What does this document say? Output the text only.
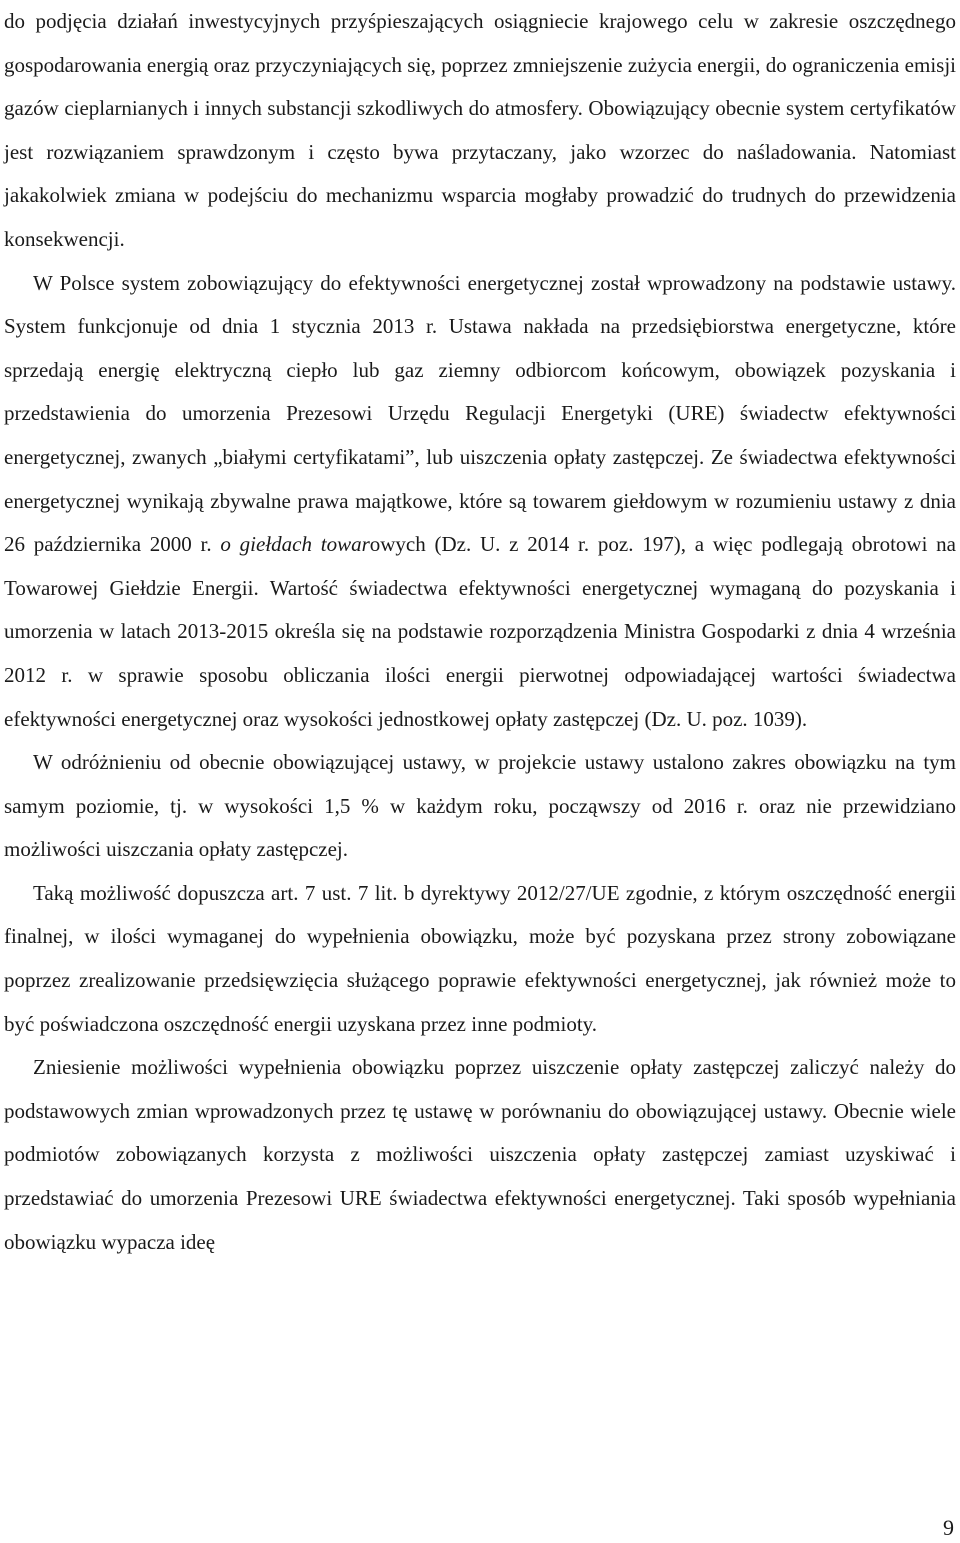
do podjęcia działań inwestycyjnych przyśpieszających osiągniecie krajowego celu w zakresie oszczędnego gospodarowania energią oraz przyczyniających się, poprzez zmniejszenie zużycia energii, do ograniczenia emisji gazów cieplarnianych i innych substancji szkodliwych do atmosfery. Obowiązujący obecnie system certyfikatów jest rozwiązaniem sprawdzonym i często bywa przytaczany, jako wzorzec do naśladowania. Natomiast jakakolwiek zmiana w podejściu do mechanizmu wsparcia mogłaby prowadzić do trudnych do przewidzenia konsekwencji.

W Polsce system zobowiązujący do efektywności energetycznej został wprowadzony na podstawie ustawy. System funkcjonuje od dnia 1 stycznia 2013 r. Ustawa nakłada na przedsiębiorstwa energetyczne, które sprzedają energię elektryczną ciepło lub gaz ziemny odbiorcom końcowym, obowiązek pozyskania i przedstawienia do umorzenia Prezesowi Urzędu Regulacji Energetyki (URE) świadectw efektywności energetycznej, zwanych „białymi certyfikatami”, lub uiszczenia opłaty zastępczej. Ze świadectwa efektywności energetycznej wynikają zbywalne prawa majątkowe, które są towarem giełdowym w rozumieniu ustawy z dnia 26 października 2000 r. o giełdach towarowych (Dz. U. z 2014 r. poz. 197), a więc podlegają obrotowi na Towarowej Giełdzie Energii. Wartość świadectwa efektywności energetycznej wymaganą do pozyskania i umorzenia w latach 2013-2015 określa się na podstawie rozporządzenia Ministra Gospodarki z dnia 4 września 2012 r. w sprawie sposobu obliczania ilości energii pierwotnej odpowiadającej wartości świadectwa efektywności energetycznej oraz wysokości jednostkowej opłaty zastępczej (Dz. U. poz. 1039).

W odróżnieniu od obecnie obowiązującej ustawy, w projekcie ustawy ustalono zakres obowiązku na tym samym poziomie, tj. w wysokości 1,5 % w każdym roku, począwszy od 2016 r. oraz nie przewidziano możliwości uiszczania opłaty zastępczej.

Taką możliwość dopuszcza art. 7 ust. 7 lit. b dyrektywy 2012/27/UE zgodnie, z którym oszczędność energii finalnej, w ilości wymaganej do wypełnienia obowiązku, może być pozyskana przez strony zobowiązane poprzez zrealizowanie przedsięwzięcia służącego poprawie efektywności energetycznej, jak również może to być poświadczona oszczędność energii uzyskana przez inne podmioty.

Zniesienie możliwości wypełnienia obowiązku poprzez uiszczenie opłaty zastępczej zaliczyć należy do podstawowych zmian wprowadzonych przez tę ustawę w porównaniu do obowiązującej ustawy. Obecnie wiele podmiotów zobowiązanych korzysta z możliwości uiszczenia opłaty zastępczej zamiast uzyskiwać i przedstawiać do umorzenia Prezesowi URE świadectwa efektywności energetycznej. Taki sposób wypełniania obowiązku wypacza ideę

9
